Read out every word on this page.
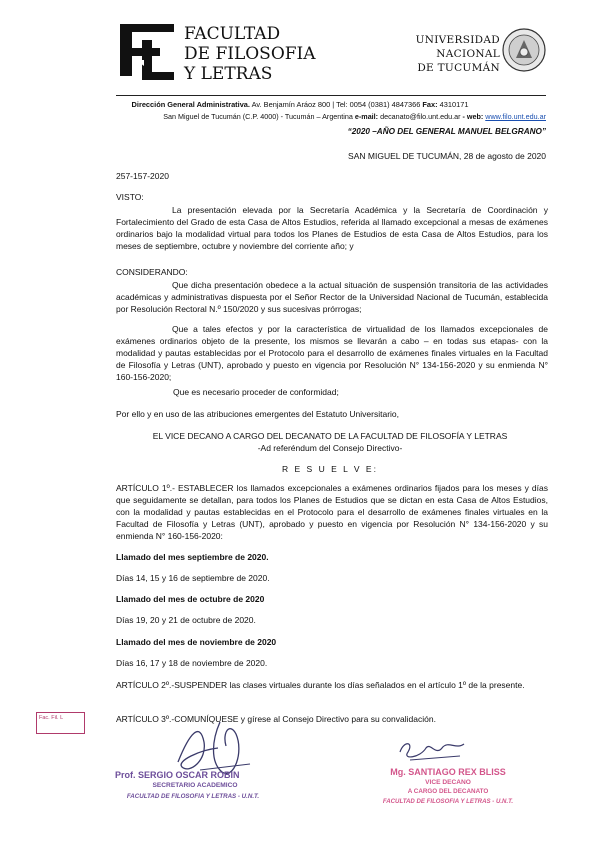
FACULTAD
DE FILOSOFIA
Y LETRAS
UNIVERSIDAD
NACIONAL
DE TUCUMÁN
Dirección General Administrativa. Av. Benjamín Aráoz 800 | Tel: 0054 (0381) 4847366 Fax: 4310171
San Miguel de Tucumán (C.P. 4000) - Tucumán – Argentina e-mail: decanato@filo.unt.edu.ar - web: www.filo.unt.edu.ar
“2020 –AÑO DEL GENERAL MANUEL BELGRANO”
SAN MIGUEL DE TUCUMÁN, 28 de agosto de 2020
257-157-2020
VISTO:
La presentación elevada por la Secretaría Académica y la Secretaría de Coordinación y Fortalecimiento del Grado de esta Casa de Altos Estudios, referida al llamado excepcional a mesas de exámenes ordinarios bajo la modalidad virtual para todos los Planes de Estudios de esta Casa de Altos Estudios, para los meses de septiembre, octubre y noviembre del corriente año; y
CONSIDERANDO:
Que dicha presentación obedece a la actual situación de suspensión transitoria de las actividades académicas y administrativas dispuesta por el Señor Rector de la Universidad Nacional de Tucumán, establecida por Resolución Rectoral N.º 150/2020 y sus sucesivas prórrogas;
Que a tales efectos y por la característica de virtualidad de los llamados excepcionales de exámenes ordinarios objeto de la presente, los mismos se llevarán a cabo – en todas sus etapas- con la modalidad y pautas establecidas por el Protocolo para el desarrollo de exámenes finales virtuales en la Facultad de Filosofía y Letras (UNT), aprobado y puesto en vigencia por Resolución N° 134-156-2020 y su enmienda N° 160-156-2020;
Que es necesario proceder de conformidad;
Por ello y en uso de las atribuciones emergentes del Estatuto Universitario,
EL VICE DECANO A CARGO DEL DECANATO DE LA FACULTAD DE FILOSOFÍA Y LETRAS
-Ad referéndum del Consejo Directivo-
R E S U E L V E:
ARTÍCULO 1º.- ESTABLECER los llamados excepcionales a exámenes ordinarios fijados para los meses y días que seguidamente se detallan, para todos los Planes de Estudios que se dictan en esta Casa de Altos Estudios, con la modalidad y pautas establecidas en el Protocolo para el desarrollo de exámenes finales virtuales en la Facultad de Filosofía y Letras (UNT), aprobado y puesto en vigencia por Resolución N° 134-156-2020 y su enmienda N° 160-156-2020:
Llamado del mes septiembre de 2020.
Días 14, 15 y 16 de septiembre de 2020.
Llamado del mes de octubre de 2020
Días 19, 20 y 21 de octubre de 2020.
Llamado del mes de noviembre de 2020
Días 16, 17 y 18 de noviembre de 2020.
ARTÍCULO 2º.-SUSPENDER las clases virtuales durante los días señalados en el artículo 1º de la presente.
ARTÍCULO 3º.-COMUNÍQUESE y gírese al Consejo Directivo para su convalidación.
Fac. Fil. L
Prof. SERGIO OSCAR ROBIN
SECRETARIO ACADEMICO
FACULTAD DE FILOSOFIA Y LETRAS - U.N.T.
Mg. SANTIAGO REX BLISS
VICE DECANO
A CARGO DEL DECANATO
FACULTAD DE FILOSOFIA Y LETRAS - U.N.T.
